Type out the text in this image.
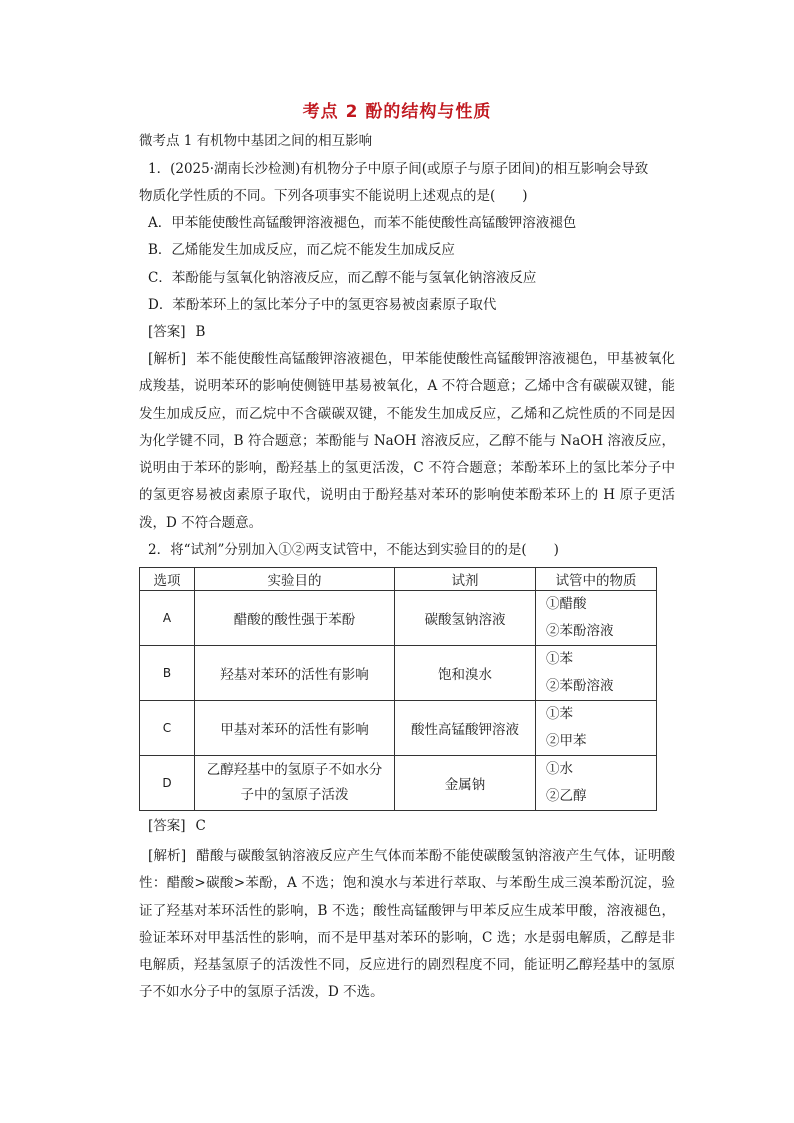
考点 2 酚的结构与性质
微考点 1 有机物中基团之间的相互影响
1．(2025·湖南长沙检测)有机物分子中原子间(或原子与原子团间)的相互影响会导致
物质化学性质的不同。下列各项事实不能说明上述观点的是(　　)
A．甲苯能使酸性高锰酸钾溶液褪色，而苯不能使酸性高锰酸钾溶液褪色
B．乙烯能发生加成反应，而乙烷不能发生加成反应
C．苯酚能与氢氧化钠溶液反应，而乙醇不能与氢氧化钠溶液反应
D．苯酚苯环上的氢比苯分子中的氢更容易被卤素原子取代
[答案] B
[解析] 苯不能使酸性高锰酸钾溶液褪色，甲苯能使酸性高锰酸钾溶液褪色，甲基被氧化成羧基，说明苯环的影响使侧链甲基易被氧化，A 不符合题意；乙烯中含有碳碳双键，能发生加成反应，而乙烷中不含碳碳双键，不能发生加成反应，乙烯和乙烷性质的不同是因为化学键不同，B 符合题意；苯酚能与 NaOH 溶液反应，乙醇不能与 NaOH 溶液反应，说明由于苯环的影响，酚羟基上的氢更活泼，C 不符合题意；苯酚苯环上的氢比苯分子中的氢更容易被卤素原子取代，说明由于酚羟基对苯环的影响使苯酚苯环上的 H 原子更活泼，D 不符合题意。
2．将“试剂”分别加入①②两支试管中，不能达到实验目的的是(　　)
选项	实验目的	试剂	试管中的物质
A	醋酸的酸性强于苯酚	碳酸氢钠溶液	①醋酸
②苯酚溶液

B	羟基对苯环的活性有影响	饱和溴水	①苯
②苯酚溶液

C	甲基对苯环的活性有影响	酸性高锰酸钾溶液	①苯
②甲苯

D	乙醇羟基中的氢原子不如水分子中的氢原子活泼	金属钠	①水
②乙醇
[答案] C
[解析] 醋酸与碳酸氢钠溶液反应产生气体而苯酚不能使碳酸氢钠溶液产生气体，证明酸性：醋酸>碳酸>苯酚，A 不选；饱和溴水与苯进行萃取、与苯酚生成三溴苯酚沉淀，验证了羟基对苯环活性的影响，B 不选；酸性高锰酸钾与甲苯反应生成苯甲酸，溶液褪色，验证苯环对甲基活性的影响，而不是甲基对苯环的影响，C 选；水是弱电解质，乙醇是非电解质，羟基氢原子的活泼性不同，反应进行的剧烈程度不同，能证明乙醇羟基中的氢原子不如水分子中的氢原子活泼，D 不选。
